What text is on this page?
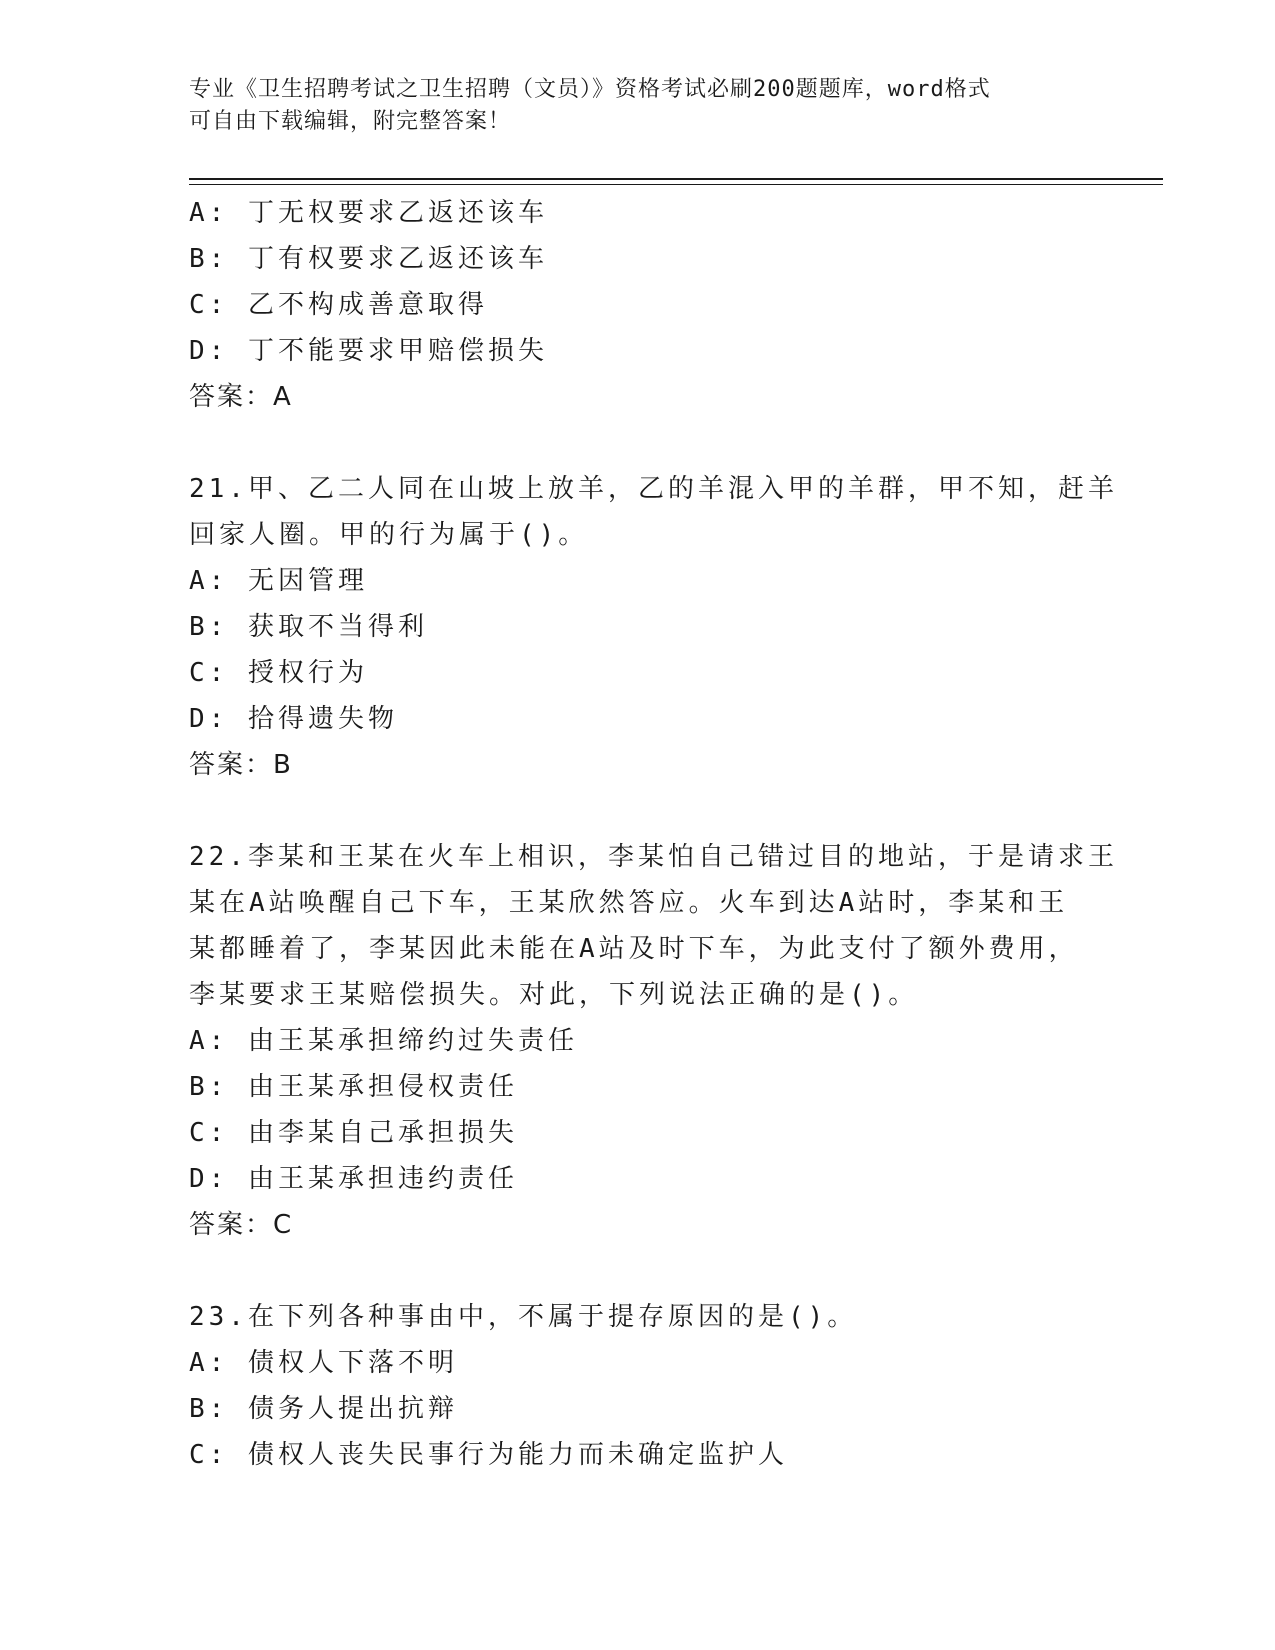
专业《卫生招聘考试之卫生招聘（文员）》资格考试必刷200题题库，word格式
可自由下载编辑，附完整答案！
A: 丁无权要求乙返还该车
B: 丁有权要求乙返还该车
C: 乙不构成善意取得
D: 丁不能要求甲赔偿损失
答案：A
21.甲、乙二人同在山坡上放羊，乙的羊混入甲的羊群，甲不知，赶羊
回家人圈。甲的行为属于()。
A: 无因管理
B: 获取不当得利
C: 授权行为
D: 拾得遗失物
答案：B
22.李某和王某在火车上相识，李某怕自己错过目的地站，于是请求王
某在A站唤醒自己下车，王某欣然答应。火车到达A站时，李某和王
某都睡着了，李某因此未能在A站及时下车，为此支付了额外费用，
李某要求王某赔偿损失。对此，下列说法正确的是()。
A: 由王某承担缔约过失责任
B: 由王某承担侵权责任
C: 由李某自己承担损失
D: 由王某承担违约责任
答案：C
23.在下列各种事由中，不属于提存原因的是()。
A: 债权人下落不明
B: 债务人提出抗辩
C: 债权人丧失民事行为能力而未确定监护人
